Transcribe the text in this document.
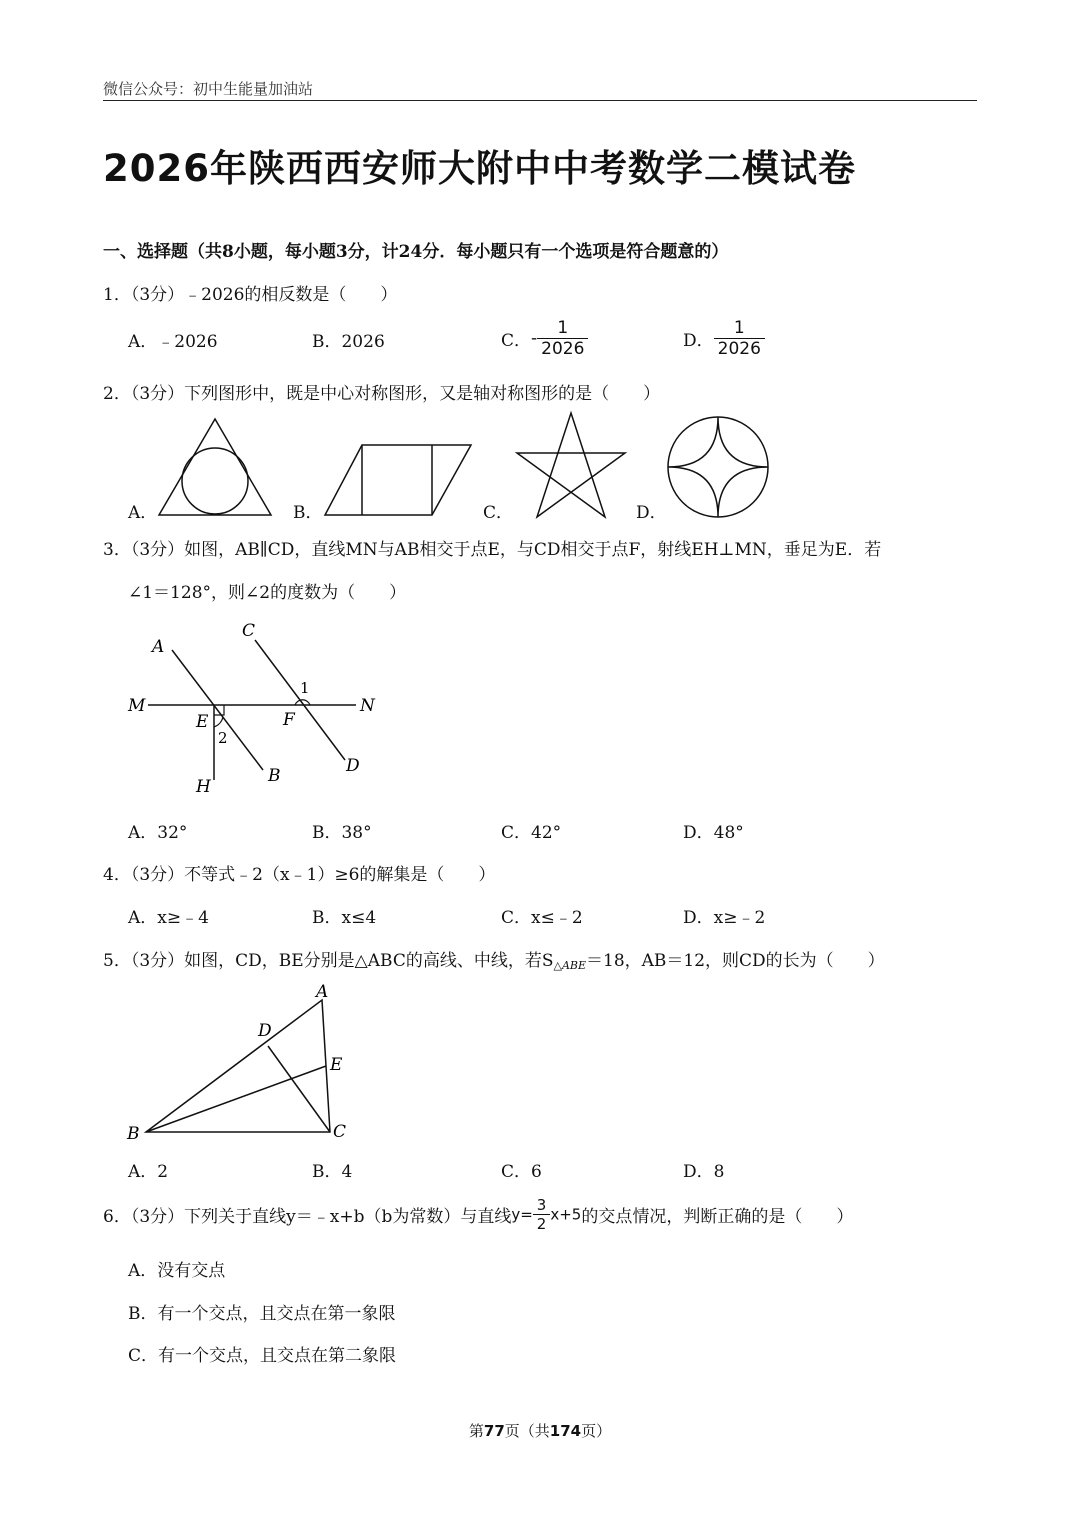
微信公众号：初中生能量加油站
2026年陕西西安师大附中中考数学二模试卷
一、选择题（共8小题，每小题3分，计24分．每小题只有一个选项是符合题意的）
1．（3分）﹣2026的相反数是（　　）
A．﹣2026	B．2026	C．- $\frac{1}{2026}$	D． $\frac{1}{2026}$
2．（3分）下列图形中，既是中心对称图形，又是轴对称图形的是（　　）
A．	B．	C．	D．
3．（3分）如图，AB∥CD，直线MN与AB相交于点E，与CD相交于点F，射线EH⊥MN，垂足为E．若
∠1＝128°，则∠2的度数为（　　）
A
C
M	N
E	F
1
2
B	D
H
A．32°	B．38°	C．42°	D．48°
4．（3分）不等式﹣2（x﹣1）≥6的解集是（　　）
A．x≥﹣4	B．x≤4	C．x≤﹣2	D．x≥﹣2
5．（3分）如图，CD，BE分别是△ABC的高线、中线，若$S_{\triangle ABE}=18$，AB＝12，则CD的长为（　　）
A
D
E
B	C
A．2	B．4	C．6	D．8
6．（3分）下列关于直线y＝﹣x+b（b为常数）与直线$y= \frac{3}{2} x+5$的交点情况，判断正确的是（　　）
A．没有交点
B．有一个交点，且交点在第一象限
C．有一个交点，且交点在第二象限
第77页（共174页）
